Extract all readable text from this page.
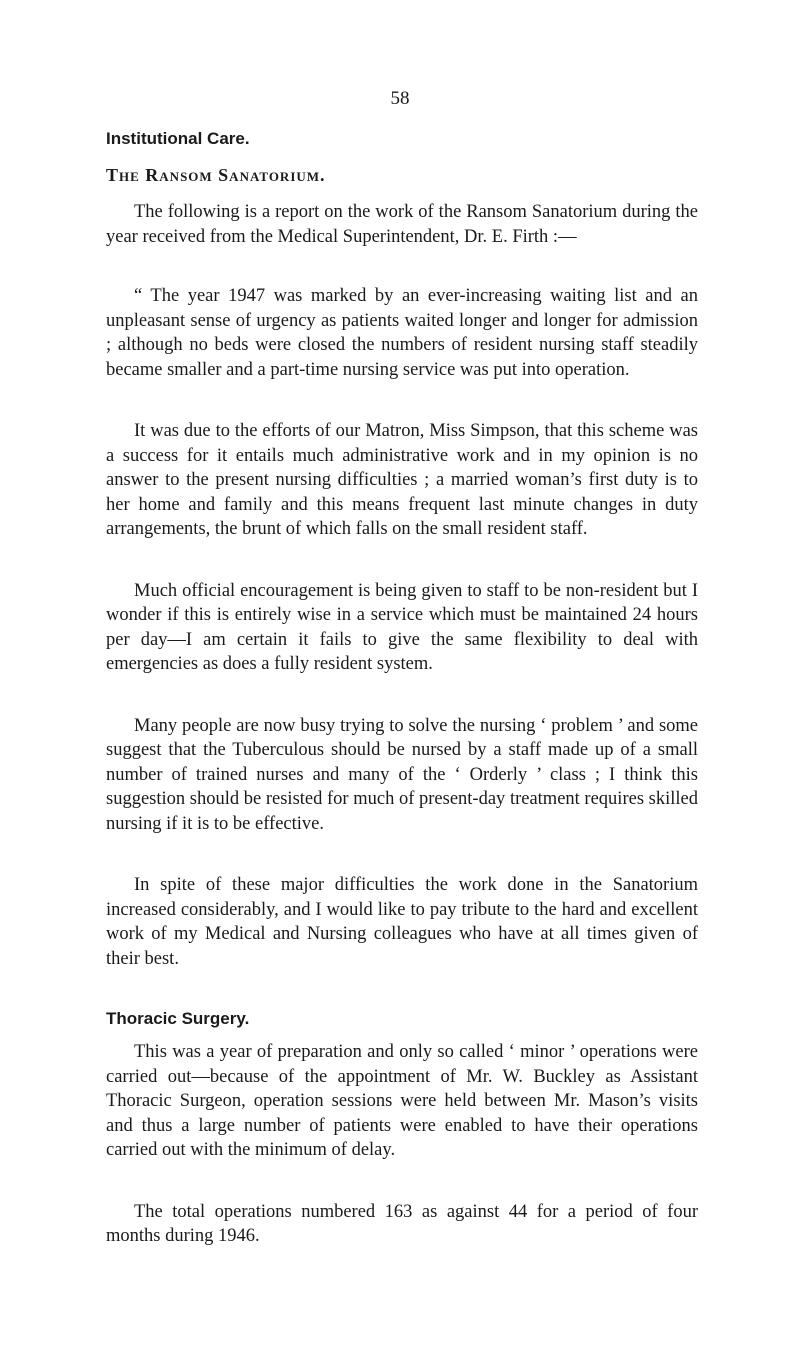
58
Institutional Care.
The Ransom Sanatorium.

The following is a report on the work of the Ransom Sanatorium during the year received from the Medical Superintendent, Dr. E. Firth :—

“ The year 1947 was marked by an ever-increasing waiting list and an unpleasant sense of urgency as patients waited longer and longer for admission ; although no beds were closed the numbers of resident nursing staff steadily became smaller and a part-time nursing service was put into operation.

It was due to the efforts of our Matron, Miss Simpson, that this scheme was a success for it entails much administrative work and in my opinion is no answer to the present nursing difficulties ; a married woman’s first duty is to her home and family and this means frequent last minute changes in duty arrangements, the brunt of which falls on the small resident staff.

Much official encouragement is being given to staff to be non-resident but I wonder if this is entirely wise in a service which must be maintained 24 hours per day—I am certain it fails to give the same flexibility to deal with emergencies as does a fully resident system.

Many people are now busy trying to solve the nursing ‘ problem ’ and some suggest that the Tuberculous should be nursed by a staff made up of a small number of trained nurses and many of the ‘ Orderly ’ class ; I think this suggestion should be resisted for much of present-day treatment requires skilled nursing if it is to be effective.

In spite of these major difficulties the work done in the Sanatorium increased considerably, and I would like to pay tribute to the hard and excellent work of my Medical and Nursing colleagues who have at all times given of their best.

Thoracic Surgery.

This was a year of preparation and only so called ‘ minor ’ operations were carried out—because of the appointment of Mr. W. Buckley as Assistant Thoracic Surgeon, operation sessions were held between Mr. Mason’s visits and thus a large number of patients were enabled to have their operations carried out with the minimum of delay.

The total operations numbered 163 as against 44 for a period of four months during 1946.
